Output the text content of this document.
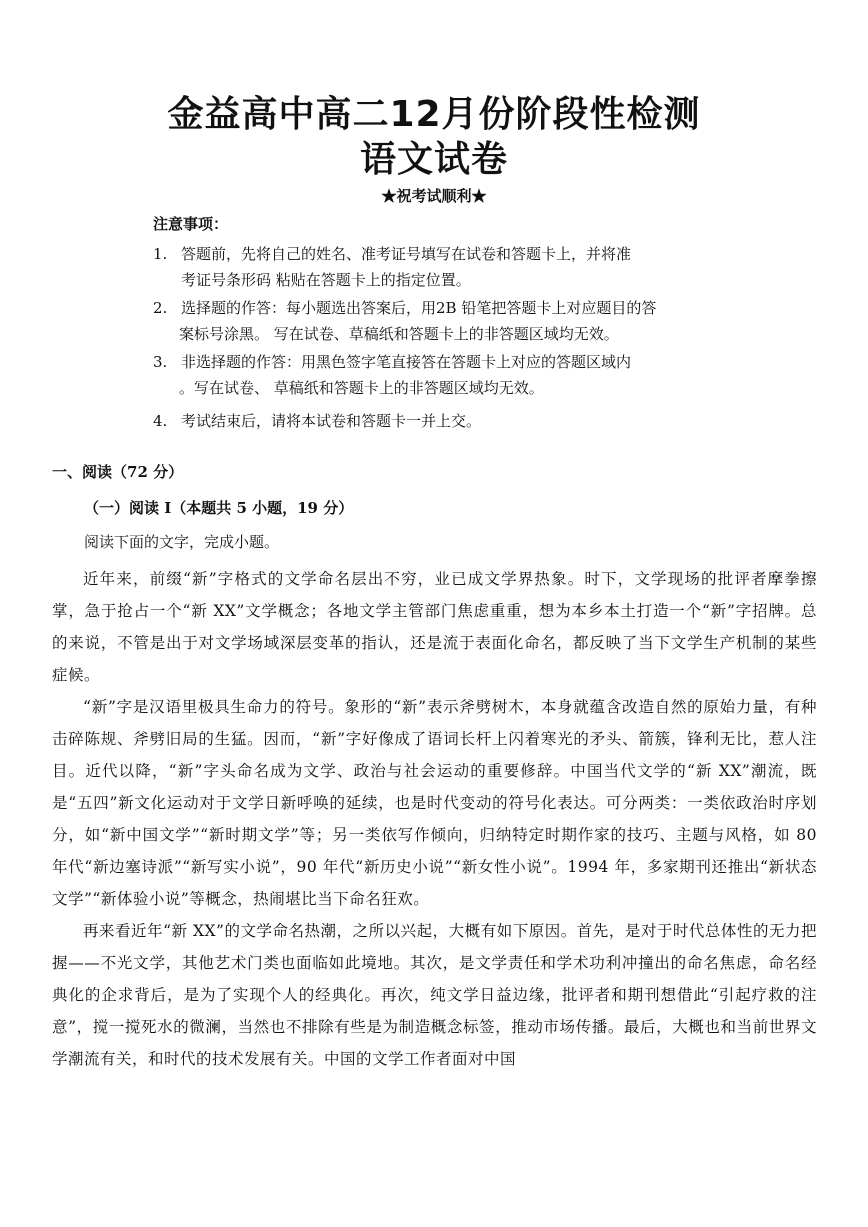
金益高中高二12月份阶段性检测
语文试卷
★祝考试顺利★
注意事项：
1. 答题前，先将自己的姓名、准考证号填写在试卷和答题卡上，并将准
考证号条形码 粘贴在答题卡上的指定位置。
2. 选择题的作答：每小题选出答案后，用2B 铅笔把答题卡上对应题目的答
案标号涂黑。 写在试卷、草稿纸和答题卡上的非答题区域均无效。
3. 非选择题的作答：用黑色签字笔直接答在答题卡上对应的答题区域内
。写在试卷、 草稿纸和答题卡上的非答题区域均无效。
4. 考试结束后，请将本试卷和答题卡一并上交。
一、阅读（72 分）
（一）阅读 I（本题共 5 小题，19 分）
阅读下面的文字，完成小题。

近年来，前缀“新”字格式的文学命名层出不穷，业已成文学界热象。时下，文学现场的批评者摩拳擦掌，急于抢占一个“新 XX”文学概念；各地文学主管部门焦虑重重，想为本乡本土打造一个“新”字招牌。总的来说，不管是出于对文学场域深层变革的指认，还是流于表面化命名，都反映了当下文学生产机制的某些症候。

“新”字是汉语里极具生命力的符号。象形的“新”表示斧劈树木，本身就蕴含改造自然的原始力量，有种击碎陈规、斧劈旧局的生猛。因而，“新”字好像成了语词长杆上闪着寒光的矛头、箭簇，锋利无比，惹人注目。近代以降，“新”字头命名成为文学、政治与社会运动的重要修辞。中国当代文学的“新 XX”潮流，既是“五四”新文化运动对于文学日新呼唤的延续，也是时代变动的符号化表达。可分两类：一类依政治时序划分，如“新中国文学”“新时期文学”等；另一类依写作倾向，归纳特定时期作家的技巧、主题与风格，如 80 年代“新边塞诗派”“新写实小说”，90 年代“新历史小说”“新女性小说”。1994 年，多家期刊还推出“新状态文学”“新体验小说”等概念，热闹堪比当下命名狂欢。

再来看近年“新 XX”的文学命名热潮，之所以兴起，大概有如下原因。首先，是对于时代总体性的无力把握——不光文学，其他艺术门类也面临如此境地。其次，是文学责任和学术功利冲撞出的命名焦虑，命名经典化的企求背后，是为了实现个人的经典化。再次，纯文学日益边缘，批评者和期刊想借此“引起疗救的注意”，搅一搅死水的微澜，当然也不排除有些是为制造概念标签，推动市场传播。最后，大概也和当前世界文学潮流有关，和时代的技术发展有关。中国的文学工作者面对中国
